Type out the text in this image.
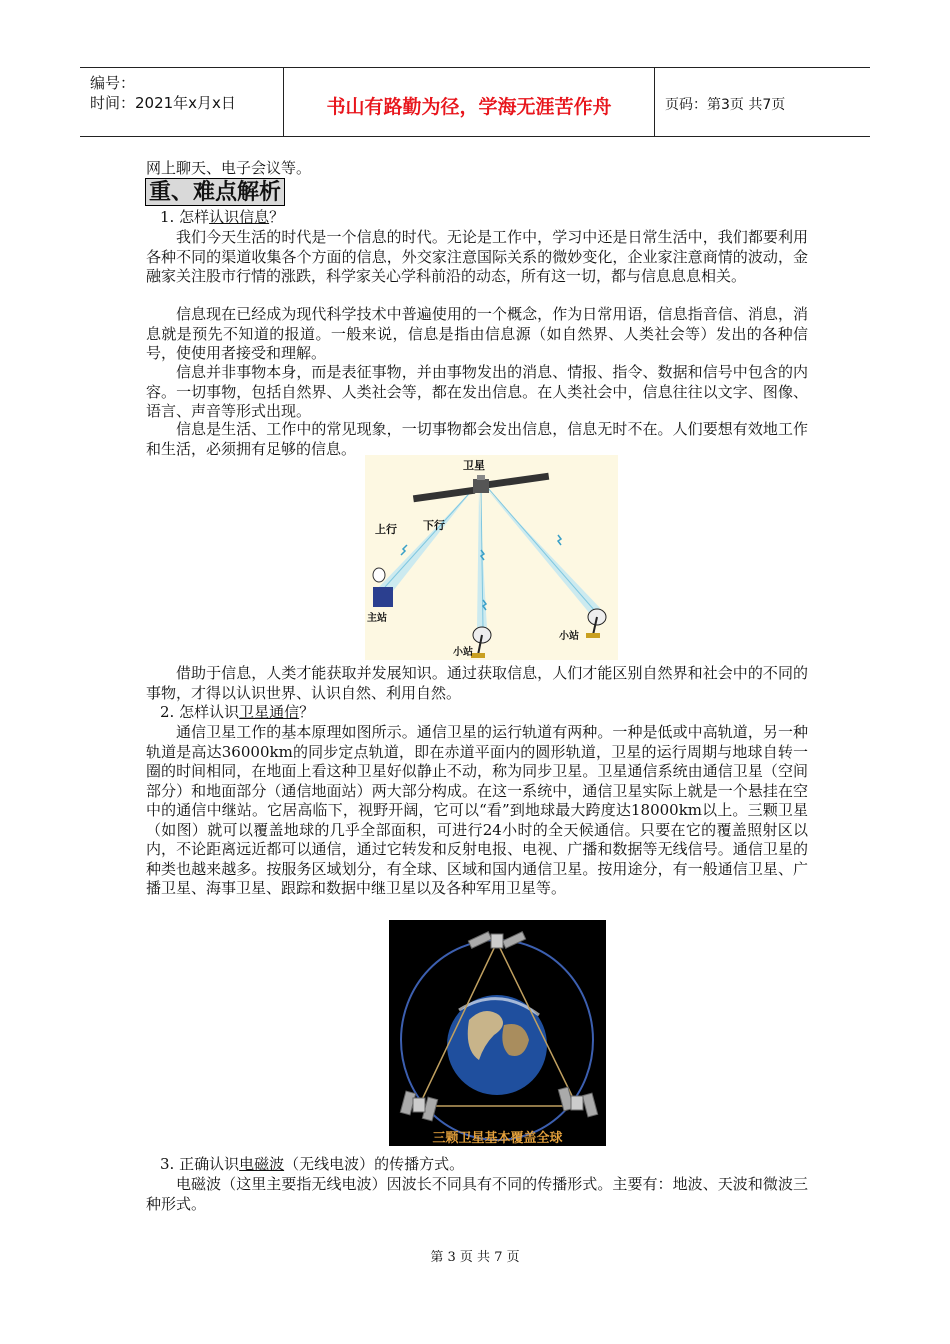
编号：
时间：2021年x月x日	书山有路勤为径，学海无涯苦作舟	页码：第3页 共7页
网上聊天、电子会议等。
重、难点解析
1. 怎样认识信息？
我们今天生活的时代是一个信息的时代。无论是工作中，学习中还是日常生活中，我们都要利用各种不同的渠道收集各个方面的信息，外交家注意国际关系的微妙变化，企业家注意商情的波动，金融家关注股市行情的涨跌，科学家关心学科前沿的动态，所有这一切，都与信息息息相关。
信息现在已经成为现代科学技术中普遍使用的一个概念，作为日常用语，信息指音信、消息，消息就是预先不知道的报道。一般来说，信息是指由信息源（如自然界、人类社会等）发出的各种信号，使使用者接受和理解。
信息并非事物本身，而是表征事物，并由事物发出的消息、情报、指令、数据和信号中包含的内容。一切事物，包括自然界、人类社会等，都在发出信息。在人类社会中，信息往往以文字、图像、语言、声音等形式出现。
信息是生活、工作中的常见现象，一切事物都会发出信息，信息无时不在。人们要想有效地工作和生活，必须拥有足够的信息。
卫星
上行 下行
主站
小站
小站
借助于信息，人类才能获取并发展知识。通过获取信息，人们才能区别自然界和社会中的不同的事物，才得以认识世界、认识自然、利用自然。
2. 怎样认识卫星通信？
通信卫星工作的基本原理如图所示。通信卫星的运行轨道有两种。一种是低或中高轨道，另一种轨道是高达36000km的同步定点轨道，即在赤道平面内的圆形轨道，卫星的运行周期与地球自转一圈的时间相同，在地面上看这种卫星好似静止不动，称为同步卫星。卫星通信系统由通信卫星（空间部分）和地面部分（通信地面站）两大部分构成。在这一系统中，通信卫星实际上就是一个悬挂在空中的通信中继站。它居高临下，视野开阔，它可以“看”到地球最大跨度达18000km以上。三颗卫星（如图）就可以覆盖地球的几乎全部面积，可进行24小时的全天候通信。只要在它的覆盖照射区以内，不论距离远近都可以通信，通过它转发和反射电报、电视、广播和数据等无线信号。通信卫星的种类也越来越多。按服务区域划分，有全球、区域和国内通信卫星。按用途分，有一般通信卫星、广播卫星、海事卫星、跟踪和数据中继卫星以及各种军用卫星等。
三颗卫星基本覆盖全球
3. 正确认识电磁波（无线电波）的传播方式。
电磁波（这里主要指无线电波）因波长不同具有不同的传播形式。主要有：地波、天波和微波三种形式。
第 3 页 共 7 页
